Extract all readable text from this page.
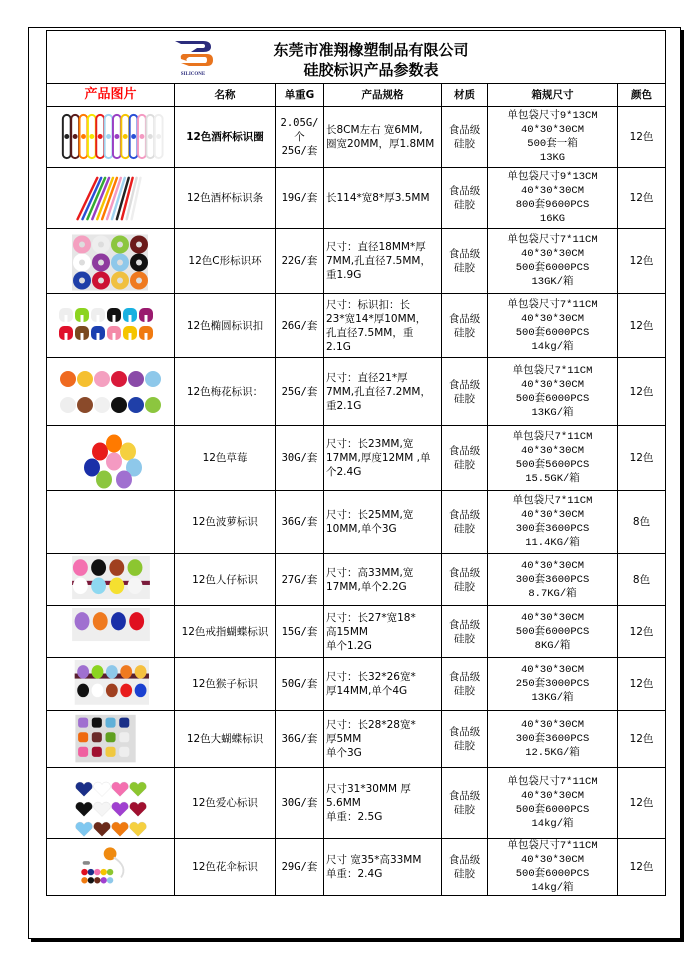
SILICONE
东莞市准翔橡塑制品有限公司
硅胶标识产品参数表						

产品图片	名称	单重G	产品规格	材质	箱规尺寸	颜色

	12色酒杯标识圈	2.05G/
个
25G/套	长8CM左右 宽6MM,
圈宽20MM，厚1.8MM	食品级
硅胶	单包袋尺寸9*13CM
40*30*30CM
500套一箱
13KG	12色

	12色酒杯标识条	19G/套	长114*宽8*厚3.5MM	食品级
硅胶	单包袋尺寸9*13CM
40*30*30CM
800套9600PCS
16KG	12色

	12色C形标识环	22G/套	尺寸：直径18MM*厚
7MM,孔直径7.5MM，
重1.9G	食品级
硅胶	单包袋尺寸7*11CM
40*30*30CM
500套6000PCS
13GK/箱	12色

	12色椭圆标识扣	26G/套	尺寸：标识扣：长
23*宽14*厚10MM，
孔直径7.5MM，重
2.1G	食品级
硅胶	单包袋尺寸7*11CM
40*30*30CM
500套6000PCS
14kg/箱	12色

	12色梅花标识：	25G/套	尺寸：直径21*厚
7MM,孔直径7.2MM，
重2.1G	食品级
硅胶	单包袋尺7*11CM
40*30*30CM
500套6000PCS
13KG/箱	12色

	12色草莓	30G/套	尺寸：长23MM,宽
17MM,厚度12MM ,单
个2.4G	食品级
硅胶	单包袋尺7*11CM
40*30*30CM
500套5600PCS
15.5GK/箱	12色

	12色波萝标识	36G/套	尺寸：长25MM,宽
10MM,单个3G	食品级
硅胶	单包袋尺7*11CM
40*30*30CM
300套3600PCS
11.4KG/箱	8色

	12色人仔标识	27G/套	尺寸：高33MM,宽
17MM,单个2.2G	食品级
硅胶	40*30*30CM
300套3600PCS
8.7KG/箱	8色

	12色戒指蝴蝶标识	15G/套	尺寸：长27*宽18*
高15MM
单个1.2G	食品级
硅胶	40*30*30CM
500套6000PCS
8KG/箱	12色

	12色猴子标识	50G/套	尺寸：长32*26宽*
厚14MM,单个4G	食品级
硅胶	40*30*30CM
250套3000PCS
13KG/箱	12色

	12色大蝴蝶标识	36G/套	尺寸：长28*28宽*
厚5MM
单个3G	食品级
硅胶	40*30*30CM
300套3600PCS
12.5KG/箱	12色

	12色爱心标识	30G/套	尺寸31*30MM 厚
5.6MM
单重：2.5G	食品级
硅胶	单包袋尺寸7*11CM
40*30*30CM
500套6000PCS
14kg/箱	12色

	12色花伞标识	29G/套	尺寸 宽35*高33MM
单重：2.4G	食品级
硅胶	单包袋尺寸7*11CM
40*30*30CM
500套6000PCS
14kg/箱	12色
